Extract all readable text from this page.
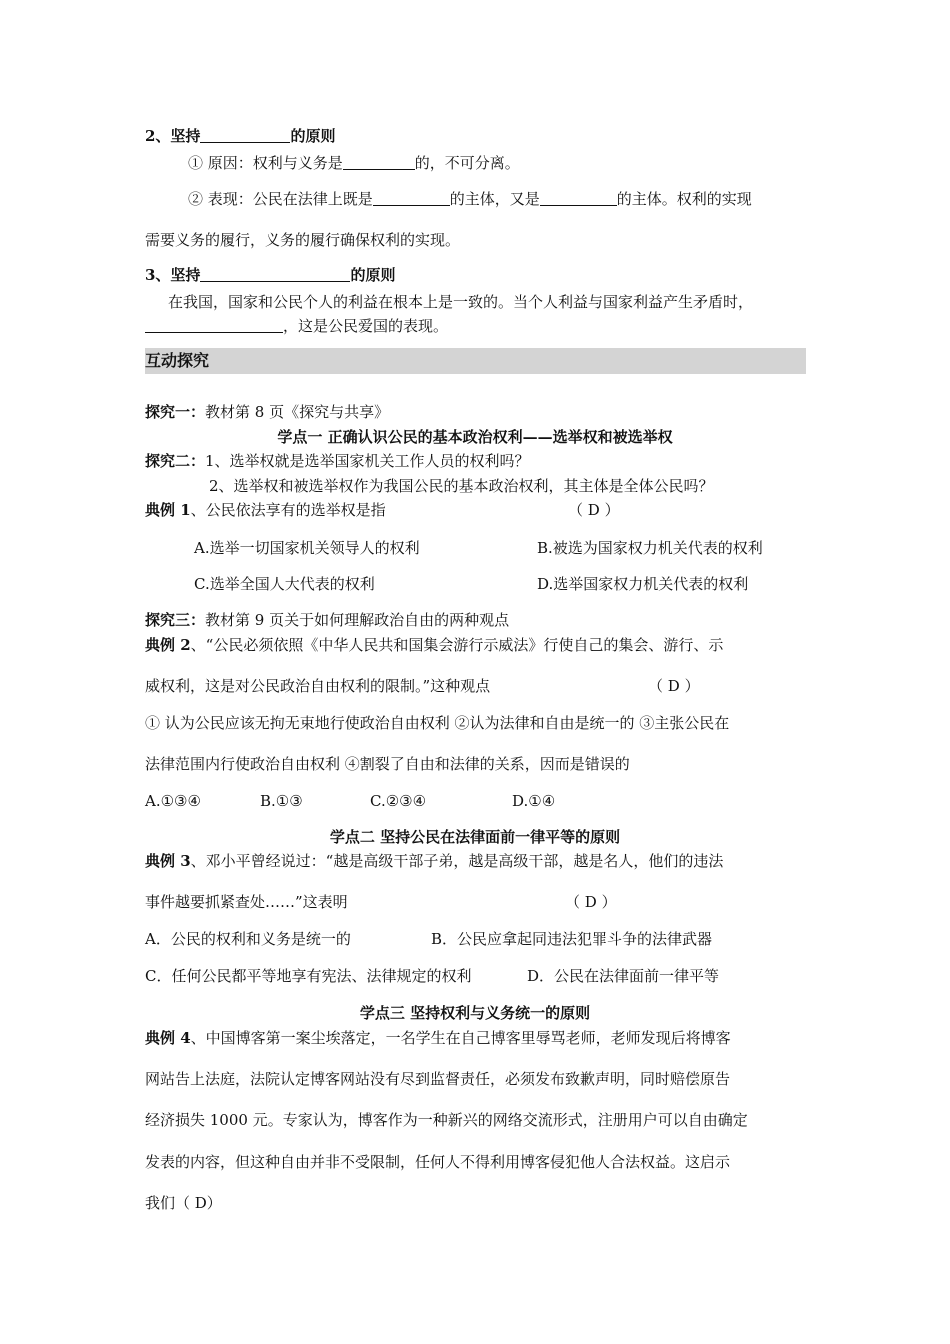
2、坚持	的原则
① 原因：权利与义务是	的，不可分离。
② 表现：公民在法律上既是	的主体，又是	的主体。权利的实现
需要义务的履行，义务的履行确保权利的实现。
3、坚持	的原则
在我国，国家和公民个人的利益在根本上是一致的。当个人利益与国家利益产生矛盾时，
，这是公民爱国的表现。
互动探究
探究一：教材第 8 页《探究与共享》
学点一 正确认识公民的基本政治权利——选举权和被选举权
探究二：1、选举权就是选举国家机关工作人员的权利吗？
2、选举权和被选举权作为我国公民的基本政治权利，其主体是全体公民吗？
典例 1、公民依法享有的选举权是指	（ D ）
A.选举一切国家机关领导人的权利	B.被选为国家权力机关代表的权利
C.选举全国人大代表的权利	D.选举国家权力机关代表的权利
探究三：教材第 9 页关于如何理解政治自由的两种观点
典例 2、“公民必须依照《中华人民共和国集会游行示威法》行使自己的集会、游行、示
威权利，这是对公民政治自由权利的限制。”这种观点	（ D ）
① 认为公民应该无拘无束地行使政治自由权利 ②认为法律和自由是统一的 ③主张公民在
法律范围内行使政治自由权利 ④割裂了自由和法律的关系，因而是错误的
A.①③④	B.①③	C.②③④	D.①④
学点二 坚持公民在法律面前一律平等的原则
典例 3、邓小平曾经说过：“越是高级干部子弟，越是高级干部，越是名人，他们的违法
事件越要抓紧查处……”这表明	（ D ）
A．公民的权利和义务是统一的	B．公民应拿起同违法犯罪斗争的法律武器
C．任何公民都平等地享有宪法、法律规定的权利	D．公民在法律面前一律平等
学点三 坚持权利与义务统一的原则
典例 4、中国博客第一案尘埃落定，一名学生在自己博客里辱骂老师，老师发现后将博客
网站告上法庭，法院认定博客网站没有尽到监督责任，必须发布致歉声明，同时赔偿原告
经济损失 1000 元。专家认为，博客作为一种新兴的网络交流形式，注册用户可以自由确定
发表的内容，但这种自由并非不受限制，任何人不得利用博客侵犯他人合法权益。这启示
我们（ D）
